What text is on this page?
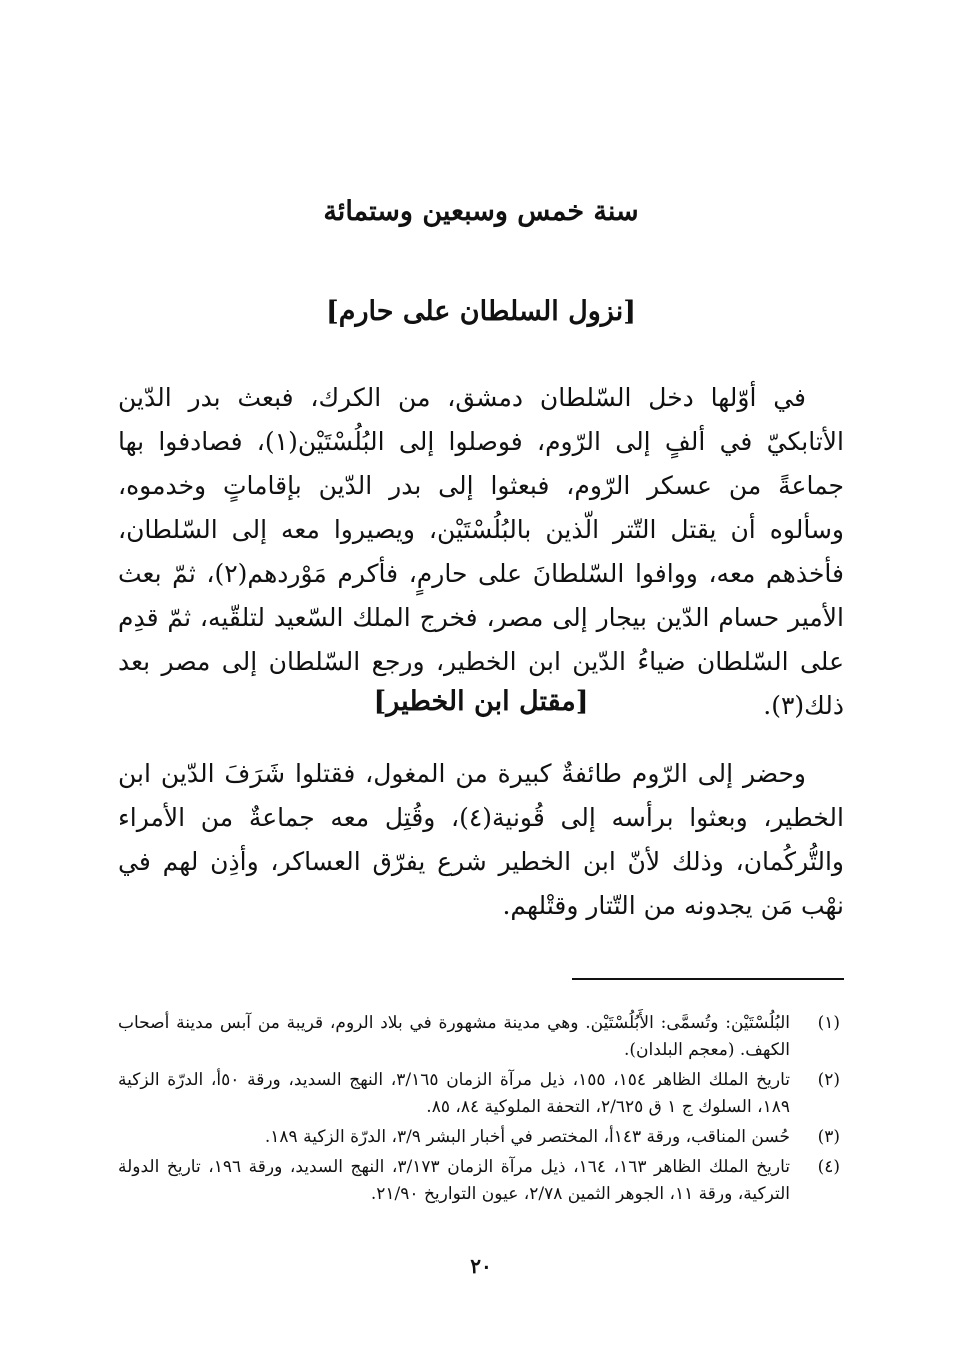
سنة خمس وسبعين وستمائة
[نزول السلطان على حارم]

في أوّلها دخل السّلطان دمشق، من الكرك، فبعث بدر الدّين الأتابكيّ في ألفٍ إلى الرّوم، فوصلوا إلى البُلُسْتَيْن(١)، فصادفوا بها جماعةً من عسكر الرّوم، فبعثوا إلى بدر الدّين بإقاماتٍ وخدموه، وسألوه أن يقتل التّتر الّذين بالبُلُسْتَيْن، ويصيروا معه إلى السّلطان، فأخذهم معه، ووافوا السّلطانَ على حارمٍ، فأكرم مَوْردهم(٢)، ثمّ بعث الأمير حسام الدّين بيجار إلى مصر، فخرج الملك السّعيد لتلقّيه، ثمّ قدِم على السّلطان ضياءُ الدّين ابن الخطير، ورجع السّلطان إلى مصر بعد ذلك(٣).

[مقتل ابن الخطير]

وحضر إلى الرّوم طائفةٌ كبيرة من المغول، فقتلوا شَرَفَ الدّين ابن الخطير، وبعثوا برأسه إلى قُونية(٤)، وقُتِل معه جماعةٌ من الأمراء والتُّركُمان، وذلك لأنّ ابن الخطير شرع يفرّق العساكر، وأذِن لهم في نهْب مَن يجدونه من التّتار وقتْلهم.

(١)
البُلُسْتَيْن: وتُسمَّى: الأَبُلُسْتَيْن. وهي مدينة مشهورة في بلاد الروم، قريبة من آبس مدينة أصحاب الكهف. (معجم البلدان).
(٢)
تاريخ الملك الظاهر ١٥٤، ١٥٥، ذيل مرآة الزمان ٣/١٦٥، النهج السديد، ورقة ٥٠أ، الدرّة الزكية ١٨٩، السلوك ج ١ ق ٢/٦٢٥، التحفة الملوكية ٨٤، ٨٥.
(٣)
حُسن المناقب، ورقة ١٤٣أ، المختصر في أخبار البشر ٣/٩، الدرّة الزكية ١٨٩.
(٤)
تاريخ الملك الظاهر ١٦٣، ١٦٤، ذيل مرآة الزمان ٣/١٧٣، النهج السديد، ورقة ١٩٦، تاريخ الدولة التركية، ورقة ١١، الجوهر الثمين ٢/٧٨، عيون التواريخ ٢١/٩٠.
٢٠
